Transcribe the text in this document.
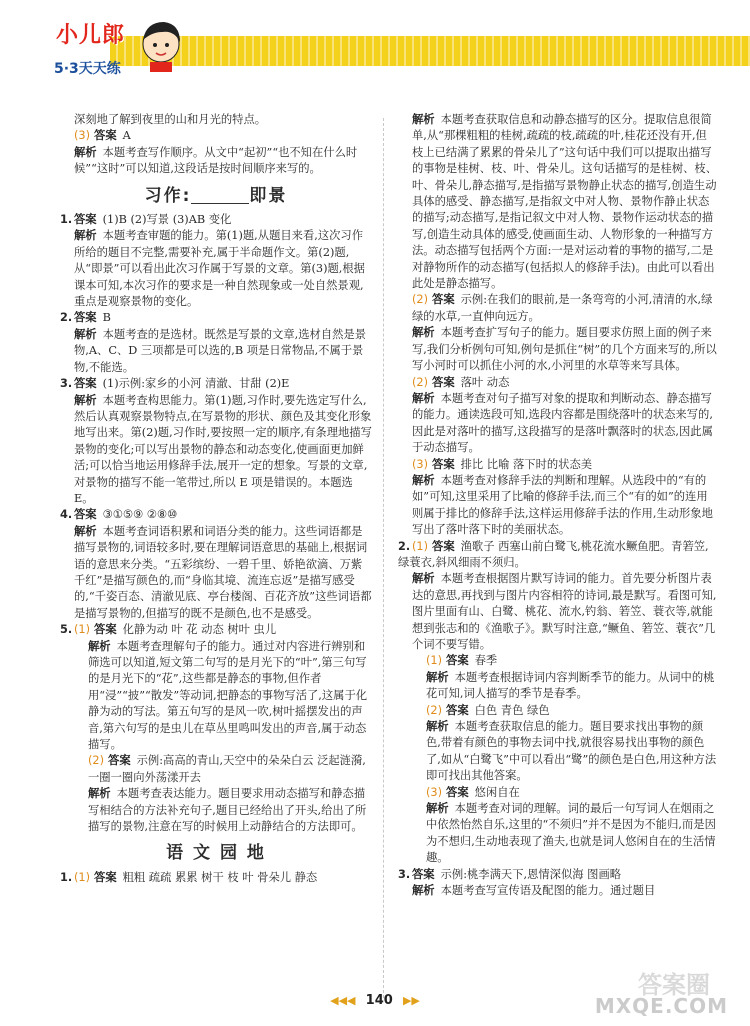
小儿郎
5·3天天练
深刻地了解到夜里的山和月光的特点。
(3) 答案 A
解析 本题考查写作顺序。从文中“起初”“也不知在什么时候”“这时”可以知道,这段话是按时间顺序来写的。
习作:	即景
1. 答案 (1)B (2)写景 (3)AB 变化
解析 本题考查审题的能力。第(1)题,从题目来看,这次习作所给的题目不完整,需要补充,属于半命题作文。第(2)题,从“即景”可以看出此次习作属于写景的文章。第(3)题,根据课本可知,本次习作的要求是一种自然现象或一处自然景观,重点是观察景物的变化。
2. 答案 B
解析 本题考查的是选材。既然是写景的文章,选材自然是景物,A、C、D 三项都是可以选的,B 项是日常物品,不属于景物,不能选。
3. 答案 (1)示例:家乡的小河 清澈、甘甜 (2)E
解析 本题考查构思能力。第(1)题,习作时,要先选定写什么,然后认真观察景物特点,在写景物的形状、颜色及其变化形象地写出来。第(2)题,习作时,要按照一定的顺序,有条理地描写景物的变化;可以写出景物的静态和动态变化,使画面更加鲜活;可以恰当地运用修辞手法,展开一定的想象。写景的文章,对景物的描写不能一笔带过,所以 E 项是错误的。本题选 E。
4. 答案 ③①⑤⑨ ②⑧⑩
解析 本题考查词语积累和词语分类的能力。这些词语都是描写景物的,词语较多时,要在理解词语意思的基础上,根据词语的意思来分类。“五彩缤纷、一碧千里、娇艳欲滴、万紫千红”是描写颜色的,而“身临其境、流连忘返”是描写感受的,“千姿百态、清澈见底、亭台楼阁、百花齐放”这些词语都是描写景物的,但描写的既不是颜色,也不是感受。
5. (1) 答案 化静为动 叶 花 动态 树叶 虫儿
解析 本题考查理解句子的能力。通过对内容进行辨别和筛选可以知道,短文第二句写的是月光下的“叶”,第三句写的是月光下的“花”,这些都是静态的事物,但作者用“浸”“披”“散发”等动词,把静态的事物写活了,这属于化静为动的写法。第五句写的是风一吹,树叶摇摆发出的声音,第六句写的是虫儿在草丛里鸣叫发出的声音,属于动态描写。
(2) 答案 示例:高高的青山,天空中的朵朵白云 泛起涟漪,一圈一圈向外荡漾开去
解析 本题考查表达能力。题目要求用动态描写和静态描写相结合的方法补充句子,题目已经给出了开头,给出了所描写的景物,注意在写的时候用上动静结合的方法即可。
语 文 园 地
1. (1) 答案 粗粗 疏疏 累累 树干 枝 叶 骨朵儿 静态
解析 本题考查获取信息和动静态描写的区分。提取信息很简单,从“那棵粗粗的桂树,疏疏的枝,疏疏的叶,桂花还没有开,但枝上已结满了累累的骨朵儿了”这句话中我们可以提取出描写的事物是桂树、枝、叶、骨朵儿。这句话描写的是桂树、枝、叶、骨朵儿,静态描写,是指描写景物静止状态的描写,创造生动具体的感受、静态描写,是指叙文中对人物、景物作静止状态的描写;动态描写,是指记叙文中对人物、景物作运动状态的描写,创造生动具体的感受,使画面生动、人物形象的一种描写方法。动态描写包括两个方面:一是对运动着的事物的描写,二是对静物所作的动态描写(包括拟人的修辞手法)。由此可以看出此处是静态描写。
(2) 答案 示例:在我们的眼前,是一条弯弯的小河,清清的水,绿绿的水草,一直伸向远方。
解析 本题考查扩写句子的能力。题目要求仿照上面的例子来写,我们分析例句可知,例句是抓住“树”的几个方面来写的,所以写小河时可以抓住小河的水,小河里的水草等来写具体。
(2) 答案 落叶 动态
解析 本题考查对句子描写对象的提取和判断动态、静态描写的能力。通读选段可知,选段内容都是围绕落叶的状态来写的,因此是对落叶的描写,这段描写的是落叶飘落时的状态,因此属于动态描写。
(3) 答案 排比 比喻 落下时的状态美
解析 本题考查对修辞手法的判断和理解。从选段中的“有的如”可知,这里采用了比喻的修辞手法,而三个“有的如”的连用则属于排比的修辞手法,这样运用修辞手法的作用,生动形象地写出了落叶落下时的美丽状态。
2. (1) 答案 渔歌子 西塞山前白鹭飞,桃花流水鳜鱼肥。青箬笠,绿蓑衣,斜风细雨不须归。
解析 本题考查根据图片默写诗词的能力。首先要分析图片表达的意思,再找到与图片内容相符的诗词,最是默写。看图可知,图片里面有山、白鹭、桃花、流水,钓翁、箬笠、蓑衣等,就能想到张志和的《渔歌子》。默写时注意,“鳜鱼、箬笠、蓑衣”几个词不要写错。
(1) 答案 春季
解析 本题考查根据诗词内容判断季节的能力。从词中的桃花可知,词人描写的季节是春季。
(2) 答案 白色 青色 绿色
解析 本题考查获取信息的能力。题目要求找出事物的颜色,带着有颜色的事物去词中找,就很容易找出事物的颜色了,如从“白鹭飞”中可以看出“鹭”的颜色是白色,用这种方法即可找出其他答案。
(3) 答案 悠闲自在
解析 本题考查对词的理解。词的最后一句写词人在烟雨之中依然怡然自乐,这里的“不须归”并不是因为不能归,而是因为不想归,生动地表现了渔夫,也就是词人悠闲自在的生活情趣。
3. 答案 示例:桃李满天下,恩情深似海 图画略
解析 本题考查写宣传语及配图的能力。通过题目
◀◀◀ 140 ▶▶
答案圈
MXQE.COM
